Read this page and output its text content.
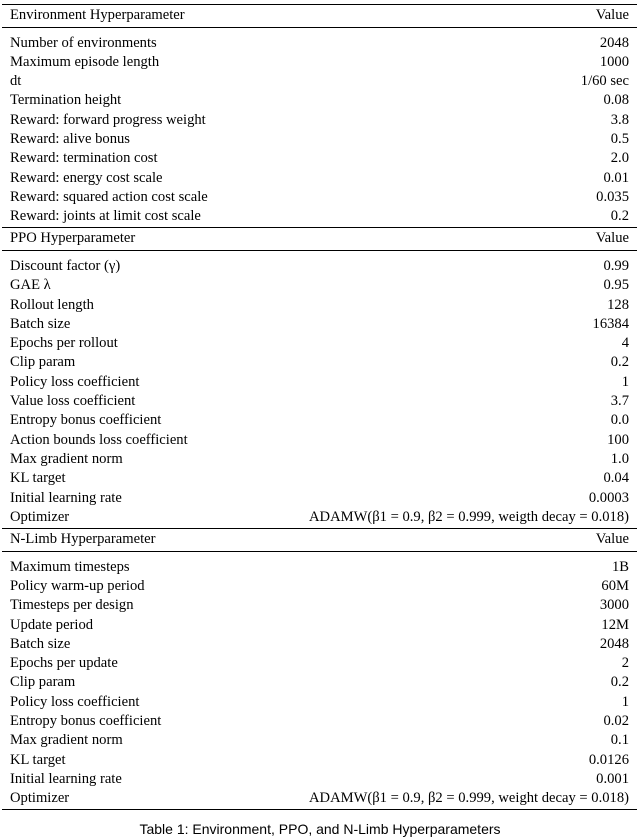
Environment Hyperparameter	Value
Number of environments	2048
Maximum episode length	1000
dt	1/60 sec
Termination height	0.08
Reward: forward progress weight	3.8
Reward: alive bonus	0.5
Reward: termination cost	2.0
Reward: energy cost scale	0.01
Reward: squared action cost scale	0.035
Reward: joints at limit cost scale	0.2
PPO Hyperparameter	Value
Discount factor (γ)	0.99
GAE λ	0.95
Rollout length	128
Batch size	16384
Epochs per rollout	4
Clip param	0.2
Policy loss coefficient	1
Value loss coefficient	3.7
Entropy bonus coefficient	0.0
Action bounds loss coefficient	100
Max gradient norm	1.0
KL target	0.04
Initial learning rate	0.0003
Optimizer	ADAMW(β1 = 0.9, β2 = 0.999, weigth decay = 0.018)
N-Limb Hyperparameter	Value
Maximum timesteps	1B
Policy warm-up period	60M
Timesteps per design	3000
Update period	12M
Batch size	2048
Epochs per update	2
Clip param	0.2
Policy loss coefficient	1
Entropy bonus coefficient	0.02
Max gradient norm	0.1
KL target	0.0126
Initial learning rate	0.001
Optimizer	ADAMW(β1 = 0.9, β2 = 0.999, weight decay = 0.018)
Table 1: Environment, PPO, and N-Limb Hyperparameters
